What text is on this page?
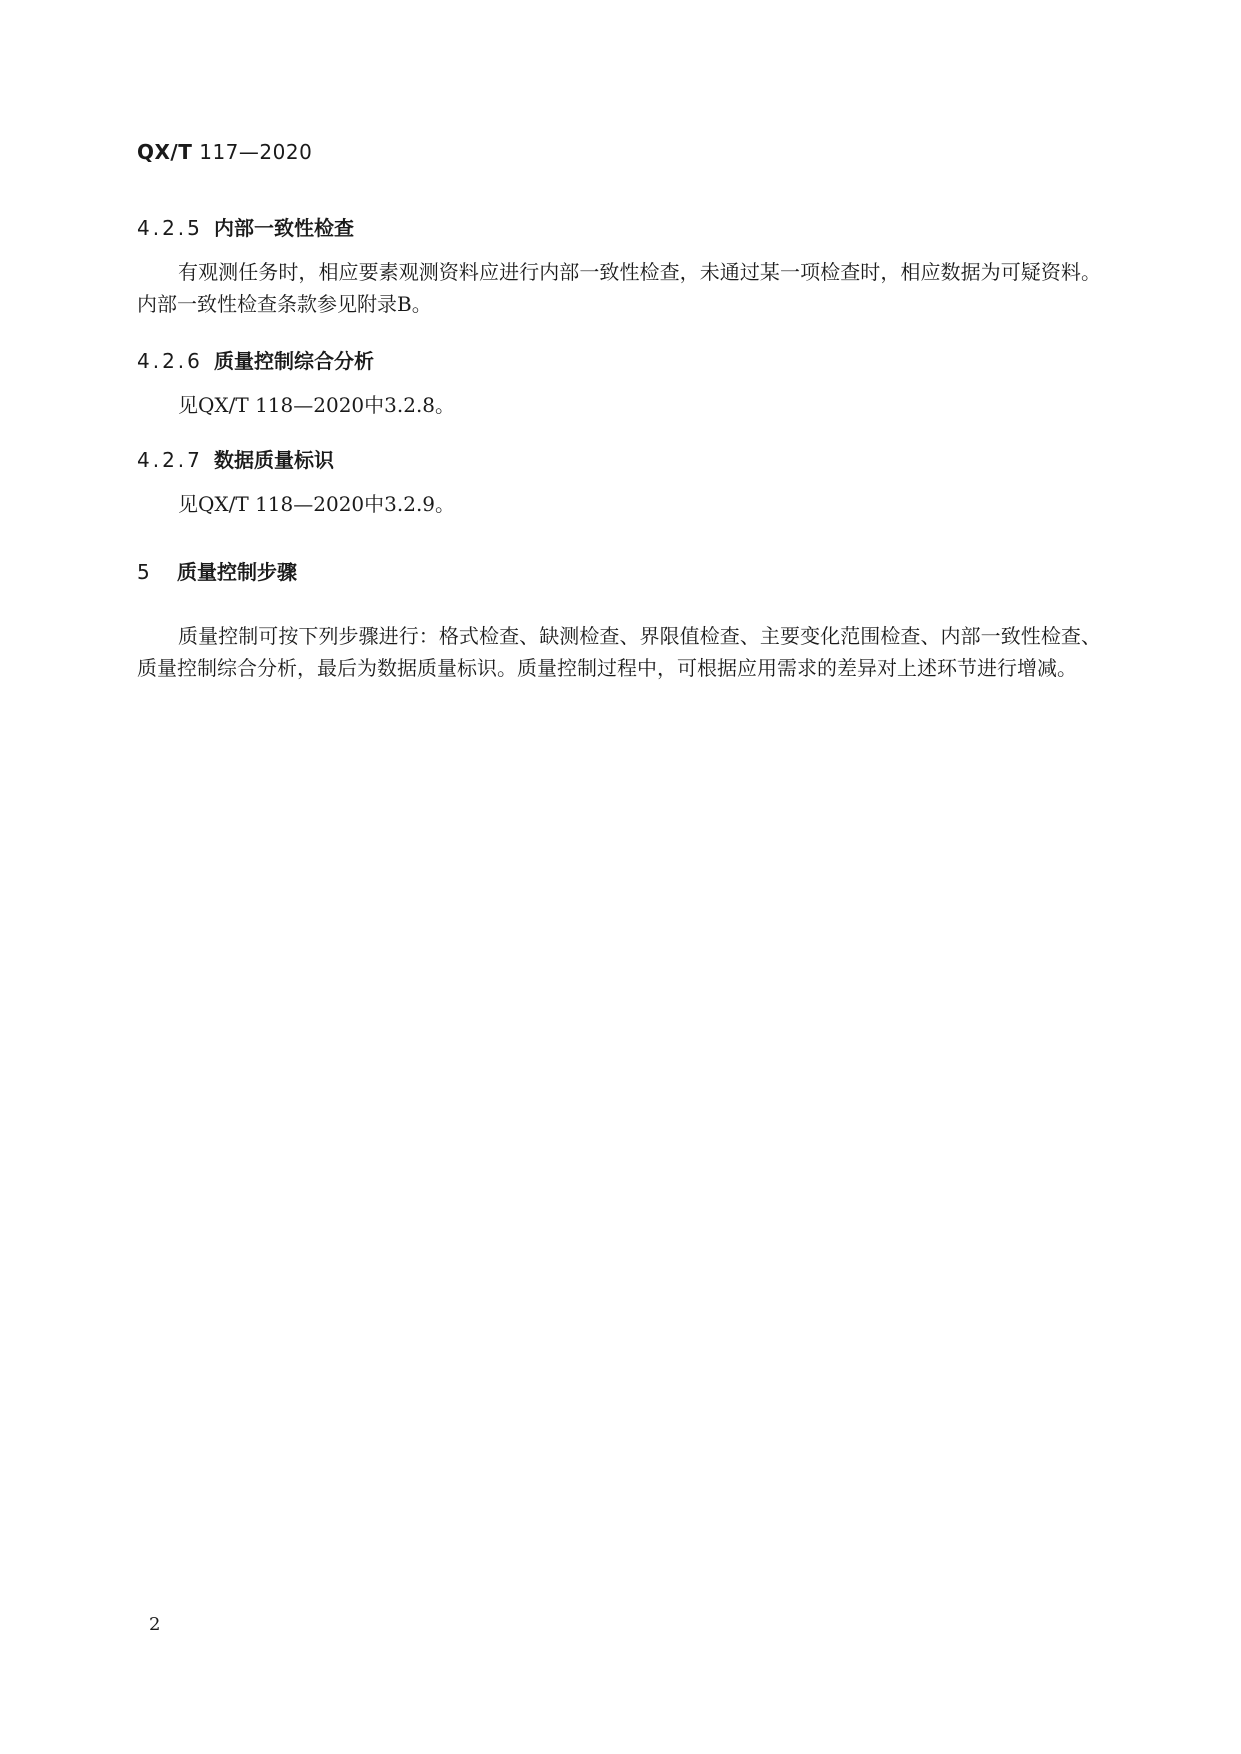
QX/T 117—2020
4.2.5 内部一致性检查
有观测任务时，相应要素观测资料应进行内部一致性检查，未通过某一项检查时，相应数据为可疑资料。内部一致性检查条款参见附录B。
4.2.6 质量控制综合分析
见QX/T 118—2020中3.2.8。
4.2.7 数据质量标识
见QX/T 118—2020中3.2.9。
5 质量控制步骤
质量控制可按下列步骤进行：格式检查、缺测检查、界限值检查、主要变化范围检查、内部一致性检查、质量控制综合分析，最后为数据质量标识。质量控制过程中，可根据应用需求的差异对上述环节进行增减。
2
